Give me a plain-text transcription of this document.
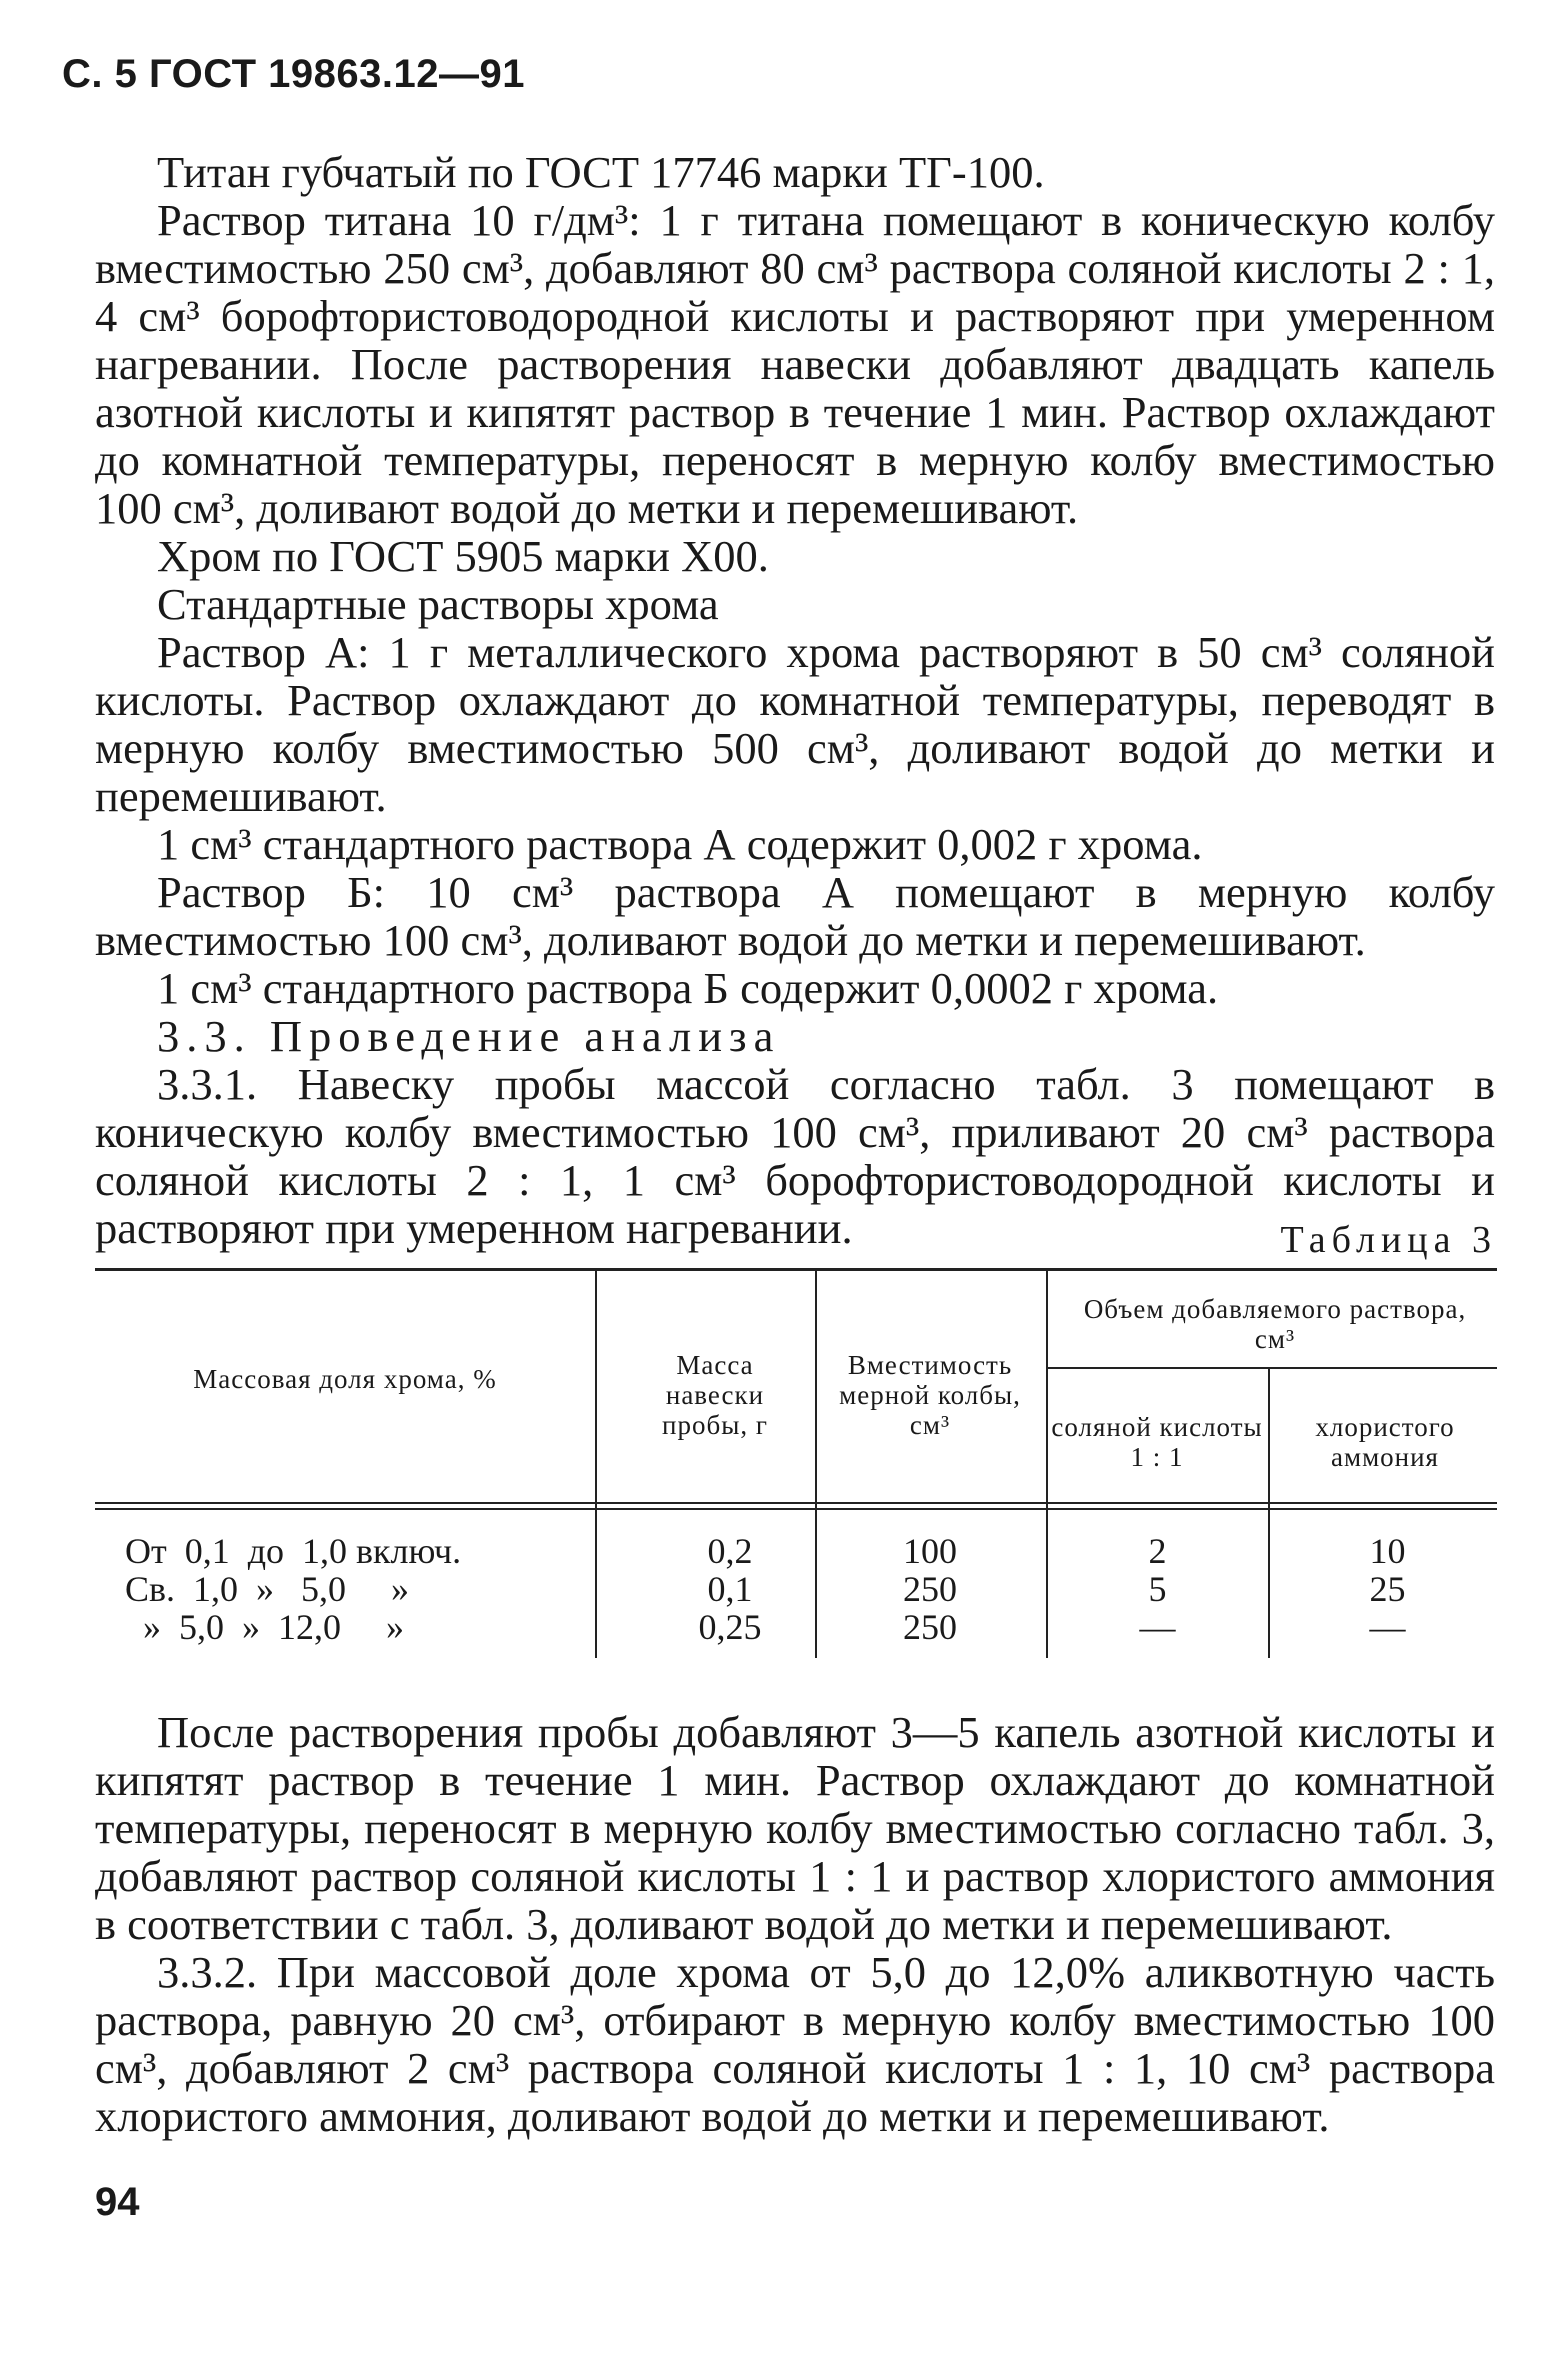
С. 5 ГОСТ 19863.12—91

Титан губчатый по ГОСТ 17746 марки ТГ-100.

Раствор титана 10 г/дм³: 1 г титана помещают в коническую колбу вместимостью 250 см³, добавляют 80 см³ раствора соляной кислоты 2 : 1, 4 см³ борофтористоводородной кислоты и растворяют при умеренном нагревании. После растворения навески добавляют двадцать капель азотной кислоты и кипятят раствор в течение 1 мин. Раствор охлаждают до комнатной температуры, переносят в мерную колбу вместимостью 100 см³, доливают водой до метки и перемешивают.

Хром по ГОСТ 5905 марки Х00.

Стандартные растворы хрома

Раствор А: 1 г металлического хрома растворяют в 50 см³ соляной кислоты. Раствор охлаждают до комнатной температуры, переводят в мерную колбу вместимостью 500 см³, доливают водой до метки и перемешивают.

1 см³ стандартного раствора А содержит 0,002 г хрома.

Раствор Б: 10 см³ раствора А помещают в мерную колбу вместимостью 100 см³, доливают водой до метки и перемешивают.

1 см³ стандартного раствора Б содержит 0,0002 г хрома.

3.3. Проведение анализа

3.3.1. Навеску пробы массой согласно табл. 3 помещают в коническую колбу вместимостью 100 см³, приливают 20 см³ раствора соляной кислоты 2 : 1, 1 см³ борофтористоводородной кислоты и растворяют при умеренном нагревании.	Таблица 3
Массовая доля хрома, %	Масса навески пробы, г
Вместимость мерной колбы, см³
Объем добавляемого раствора, см³
соляной кислоты 1 : 1
хлористого аммония
От  0,1  до  1,0 включ.
Св.  1,0  »   5,0     »
»  5,0  »  12,0     »
0,2
0,1
0,25
100
250
250
2
5
—
10
25
—

После растворения пробы добавляют 3—5 капель азотной кислоты и кипятят раствор в течение 1 мин. Раствор охлаждают до комнатной температуры, переносят в мерную колбу вместимостью согласно табл. 3, добавляют раствор соляной кислоты 1 : 1 и раствор хлористого аммония в соответствии с табл. 3, доливают водой до метки и перемешивают.

3.3.2. При массовой доле хрома от 5,0 до 12,0% аликвотную часть раствора, равную 20 см³, отбирают в мерную колбу вместимостью 100 см³, добавляют 2 см³ раствора соляной кислоты 1 : 1, 10 см³ раствора хлористого аммония, доливают водой до метки и перемешивают.

94
